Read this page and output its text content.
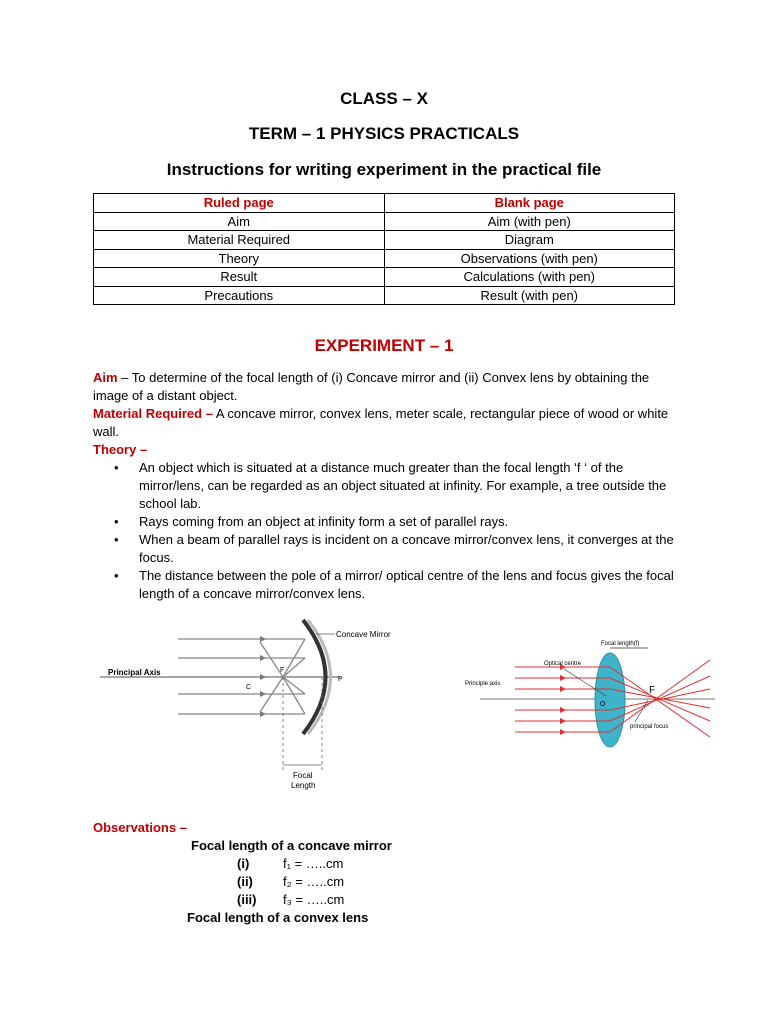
CLASS – X
TERM – 1 PHYSICS PRACTICALS
Instructions for writing experiment in the practical file
Ruled page	Blank page
Aim	Aim (with pen)
Material Required	Diagram
Theory	Observations (with pen)
Result	Calculations (with pen)
Precautions	Result (with pen)
EXPERIMENT – 1
Aim – To determine of the focal length of (i) Concave mirror and (ii) Convex lens by obtaining the image of a distant object.
Material Required – A concave mirror, convex lens, meter scale, rectangular piece of wood or white wall.
Theory –
• An object which is situated at a distance much greater than the focal length ‘f ‘ of the mirror/lens, can be regarded as an object situated at infinity. For example, a tree outside the school lab.
• Rays coming from an object at infinity form a set of parallel rays.
• When a beam of parallel rays is incident on a concave mirror/convex lens, it converges at the focus.
• The distance between the pole of a mirror/ optical centre of the lens and focus gives the focal length of a concave mirror/convex lens.
Concave Mirror
Principal Axis	F
C
P
Focal
Length
Focal length(f)
Optical centre
Principle axis
O
F
principal focus
Observations –
Focal length of a concave mirror
(i)	f₁ = …..cm
(ii) f₂ = …..cm
(iii) f₃ = …..cm
Focal length of a convex lens
